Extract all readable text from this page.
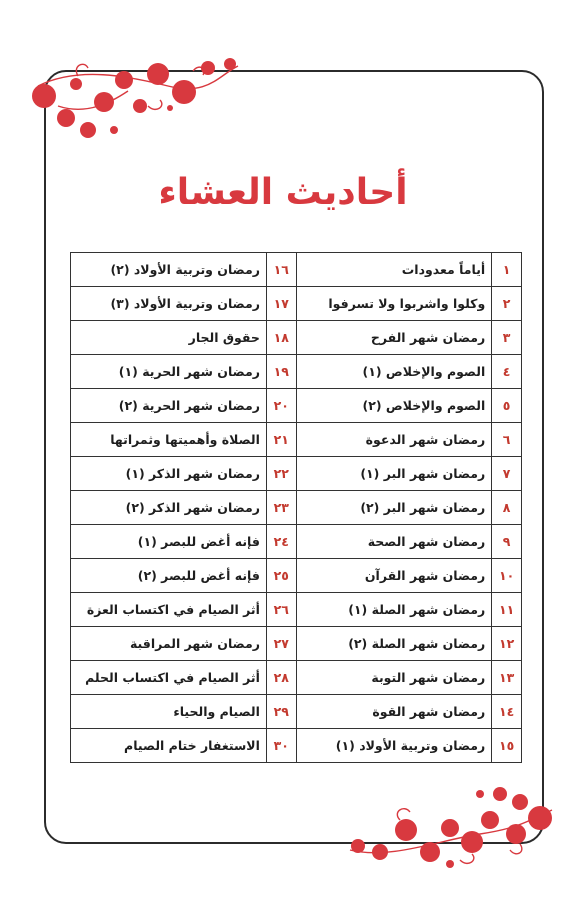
أحاديث العشاء
١	أياماً معدودات	١٦	رمضان وتربية الأولاد (٢)
٢	وكلوا واشربوا ولا تسرفوا	١٧	رمضان وتربية الأولاد (٣)
٣	رمضان شهر الفرح	١٨	حقوق الجار
٤	الصوم والإخلاص (١)	١٩	رمضان شهر الحرية (١)
٥	الصوم والإخلاص (٢)	٢٠	رمضان شهر الحرية (٢)
٦	رمضان شهر الدعوة	٢١	الصلاة وأهميتها وثمراتها
٧	رمضان شهر البر (١)	٢٢	رمضان شهر الذكر (١)
٨	رمضان شهر البر (٢)	٢٣	رمضان شهر الذكر (٢)
٩	رمضان شهر الصحة	٢٤	فإنه أغض للبصر (١)
١٠	رمضان شهر القرآن	٢٥	فإنه أغض للبصر (٢)
١١	رمضان شهر الصلة (١)	٢٦	أثر الصيام في اكتساب العزة
١٢	رمضان شهر الصلة (٢)	٢٧	رمضان شهر المراقبة
١٣	رمضان شهر التوبة	٢٨	أثر الصيام في اكتساب الحلم
١٤	رمضان شهر القوة	٢٩	الصيام والحياء
١٥	رمضان وتربية الأولاد (١)	٣٠	الاستغفار ختام الصيام
